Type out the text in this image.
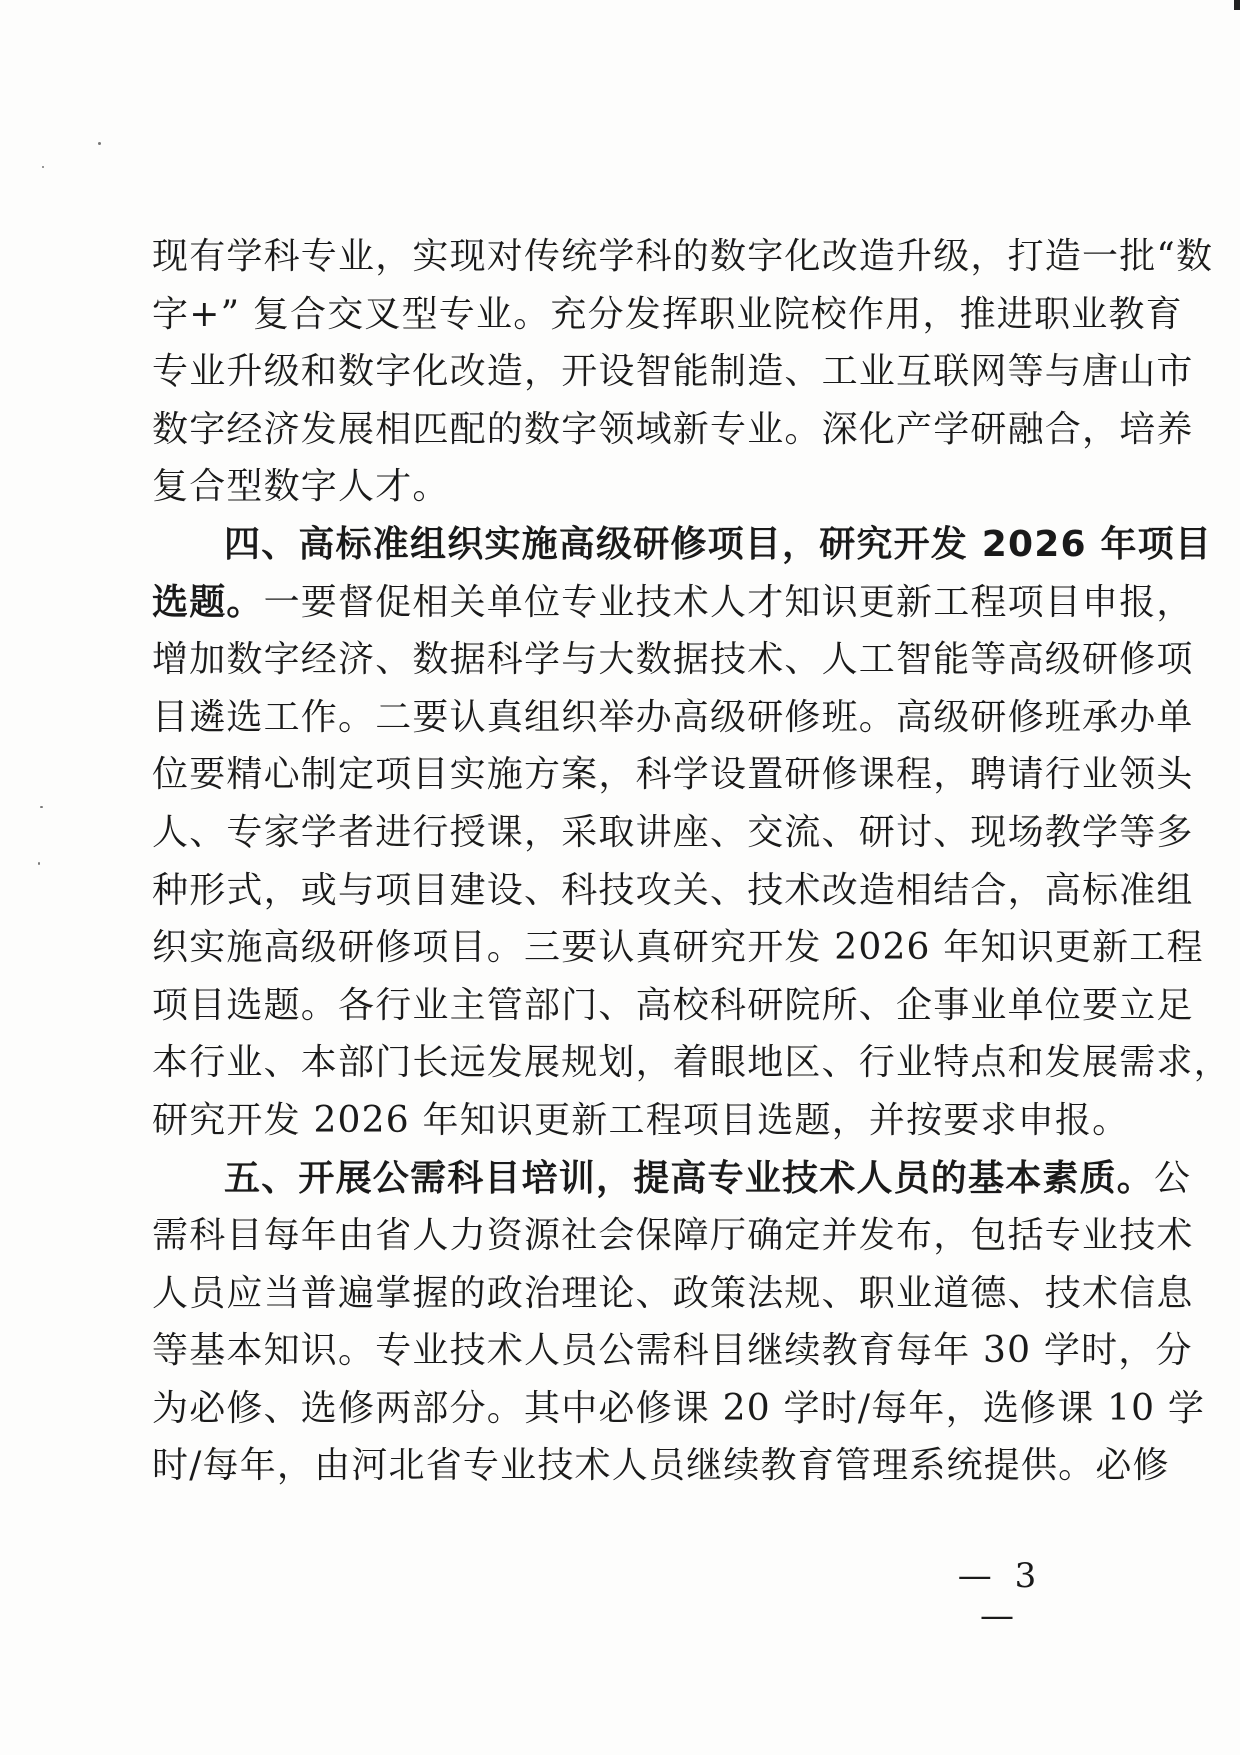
现有学科专业，实现对传统学科的数字化改造升级，打造一批“数
字+” 复合交叉型专业。充分发挥职业院校作用，推进职业教育
专业升级和数字化改造，开设智能制造、工业互联网等与唐山市
数字经济发展相匹配的数字领域新专业。深化产学研融合，培养
复合型数字人才。
四、高标准组织实施高级研修项目，研究开发 2026 年项目
选题。一要督促相关单位专业技术人才知识更新工程项目申报，
增加数字经济、数据科学与大数据技术、人工智能等高级研修项
目遴选工作。二要认真组织举办高级研修班。高级研修班承办单
位要精心制定项目实施方案，科学设置研修课程，聘请行业领头
人、专家学者进行授课，采取讲座、交流、研讨、现场教学等多
种形式，或与项目建设、科技攻关、技术改造相结合，高标准组
织实施高级研修项目。三要认真研究开发 2026 年知识更新工程
项目选题。各行业主管部门、高校科研院所、企事业单位要立足
本行业、本部门长远发展规划，着眼地区、行业特点和发展需求，
研究开发 2026 年知识更新工程项目选题，并按要求申报。
五、开展公需科目培训，提高专业技术人员的基本素质。公
需科目每年由省人力资源社会保障厅确定并发布，包括专业技术
人员应当普遍掌握的政治理论、政策法规、职业道德、技术信息
等基本知识。专业技术人员公需科目继续教育每年 30 学时，分
为必修、选修两部分。其中必修课 20 学时/每年，选修课 10 学
时/每年，由河北省专业技术人员继续教育管理系统提供。必修
— 3 —
